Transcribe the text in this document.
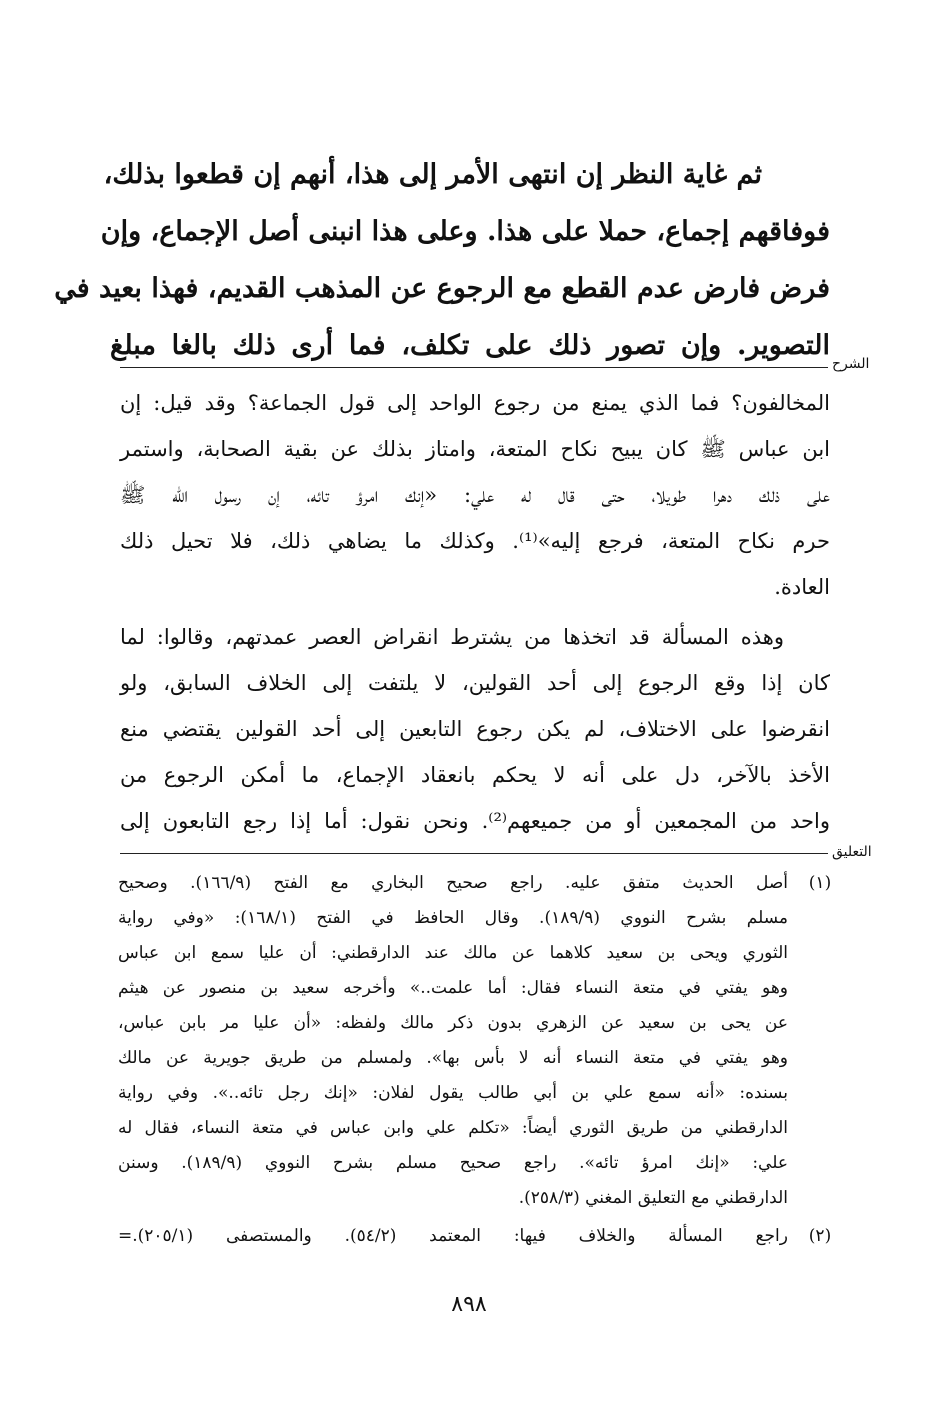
ثم غاية النظر إن انتهى الأمر إلى هذا، أنهم إن قطعوا بذلك،
فوفاقهم إجماع، حملا على هذا. وعلى هذا انبنى أصل الإجماع، وإن
فرض فارض عدم القطع مع الرجوع عن المذهب القديم، فهذا بعيد في
التصوير. وإن تصور ذلك على تكلف، فما أرى ذلك بالغا مبلغ
الشرح
المخالفون؟ فما الذي يمنع من رجوع الواحد إلى قول الجماعة؟ وقد قيل: إن
ابن عباس ﷺ كان يبيح نكاح المتعة، وامتاز بذلك عن بقية الصحابة، واستمر
على ذلك دهرا طويلا، حتى قال له علي: «إنك امرؤ تائه، إن رسول الله ﷺ
حرم نكاح المتعة، فرجع إليه»⁽¹⁾. وكذلك ما يضاهي ذلك، فلا تحيل ذلك
العادة.
وهذه المسألة قد اتخذها من يشترط انقراض العصر عمدتهم، وقالوا: لما
كان إذا وقع الرجوع إلى أحد القولين، لا يلتفت إلى الخلاف السابق، ولو
انقرضوا على الاختلاف، لم يكن رجوع التابعين إلى أحد القولين يقتضي منع
الأخذ بالآخر، دل على أنه لا يحكم بانعقاد الإجماع، ما أمكن الرجوع من
واحد من المجمعين أو من جميعهم⁽²⁾. ونحن نقول: أما إذا رجع التابعون إلى
التعليق
(١)
أصل الحديث متفق عليه. راجع صحيح البخاري مع الفتح (١٦٦/٩). وصحيح
مسلم بشرح النووي (١٨٩/٩). وقال الحافظ في الفتح (١٦٨/١): «وفي رواية
الثوري ويحى بن سعيد كلاهما عن مالك عند الدارقطني: أن عليا سمع ابن عباس
وهو يفتي في متعة النساء فقال: أما علمت..» وأخرجه سعيد بن منصور عن هيثم
عن يحى بن سعيد عن الزهري بدون ذكر مالك ولفظه: «أن عليا مر بابن عباس،
وهو يفتي في متعة النساء أنه لا بأس بها». ولمسلم من طريق جويرية عن مالك
بسنده: «أنه سمع علي بن أبي طالب يقول لفلان: «إنك رجل تائه..». وفي رواية
الدارقطني من طريق الثوري أيضاً: «تكلم علي وابن عباس في متعة النساء، فقال له
علي: «إنك امرؤ تائه». راجع صحيح مسلم بشرح النووي (١٨٩/٩). وسنن
الدارقطني مع التعليق المغني (٢٥٨/٣).
(٢)
راجع المسألة والخلاف فيها: المعتمد (٥٤/٢). والمستصفى (٢٠٥/١).=
٨٩٨
